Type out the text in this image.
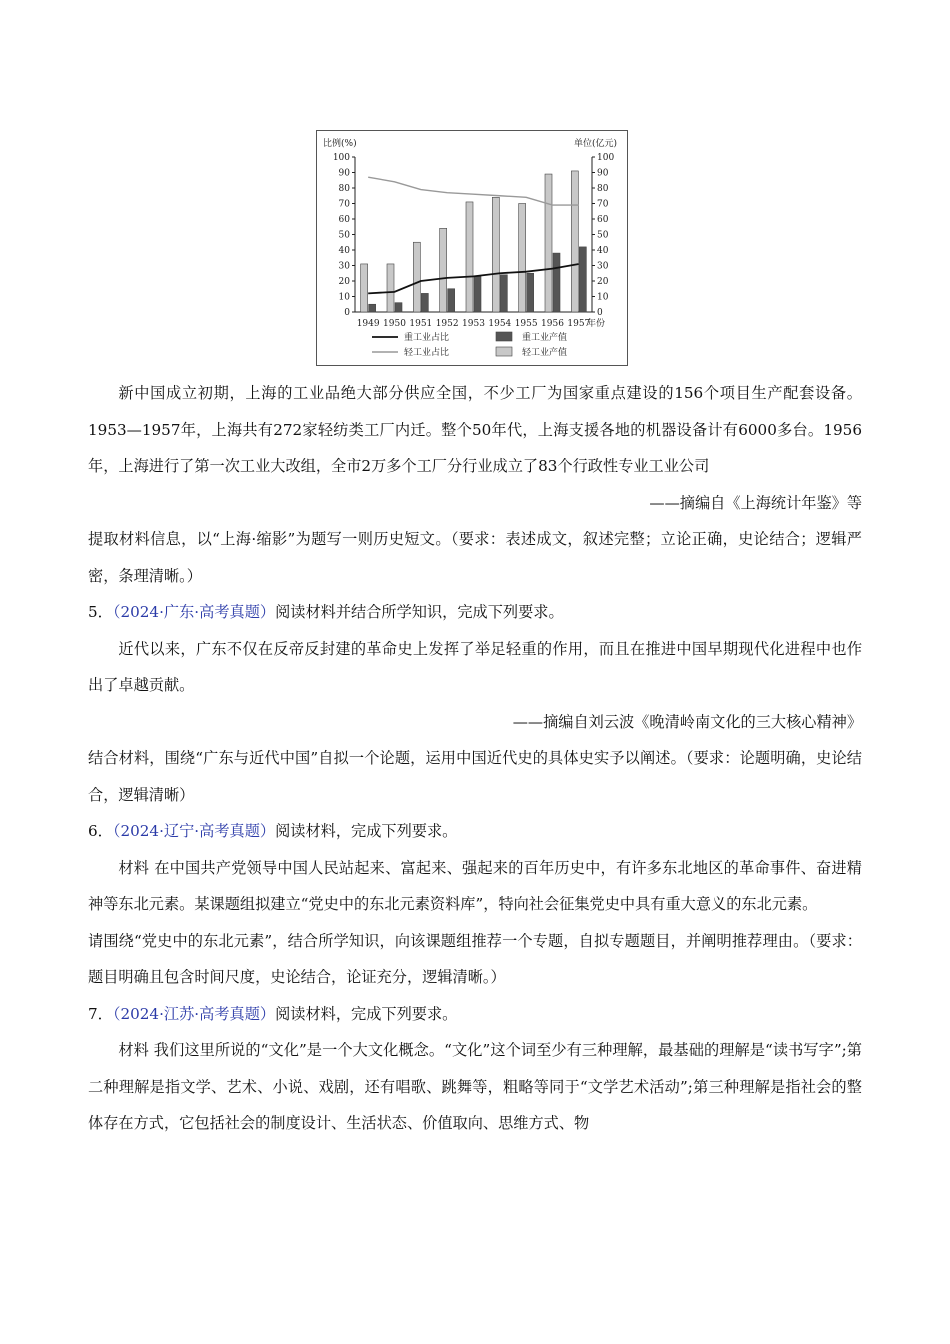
比例(%)	单位(亿元)
年份
100	100
90	90
80	80
70	70
60	60
50	50
40	40
30	30
20	20
10	10
0	0
1949 1950 1951 1952 1953 1954 1955 1956 1957
重工业占比	重工业产值
轻工业占比	轻工业产值

新中国成立初期，上海的工业品绝大部分供应全国，不少工厂为国家重点建设的156个项目生产配套设备。1953—1957年，上海共有272家轻纺类工厂内迁。整个50年代，上海支援各地的机器设备计有6000多台。1956年，上海进行了第一次工业大改组，全市2万多个工厂分行业成立了83个行政性专业工业公司

——摘编自《上海统计年鉴》等

提取材料信息，以“上海·缩影”为题写一则历史短文。（要求：表述成文，叙述完整；立论正确，史论结合；逻辑严密，条理清晰。）

5．（2024·广东·高考真题）阅读材料并结合所学知识，完成下列要求。

近代以来，广东不仅在反帝反封建的革命史上发挥了举足轻重的作用，而且在推进中国早期现代化进程中也作出了卓越贡献。

——摘编自刘云波《晚清岭南文化的三大核心精神》

结合材料，围绕“广东与近代中国”自拟一个论题，运用中国近代史的具体史实予以阐述。（要求：论题明确，史论结合，逻辑清晰）

6．（2024·辽宁·高考真题）阅读材料，完成下列要求。

材料 在中国共产党领导中国人民站起来、富起来、强起来的百年历史中，有许多东北地区的革命事件、奋进精神等东北元素。某课题组拟建立“党史中的东北元素资料库”，特向社会征集党史中具有重大意义的东北元素。

请围绕“党史中的东北元素”，结合所学知识，向该课题组推荐一个专题，自拟专题题目，并阐明推荐理由。（要求：题目明确且包含时间尺度，史论结合，论证充分，逻辑清晰。）

7．（2024·江苏·高考真题）阅读材料，完成下列要求。

材料 我们这里所说的“文化”是一个大文化概念。“文化”这个词至少有三种理解，最基础的理解是“读书写字”;第二种理解是指文学、艺术、小说、戏剧，还有唱歌、跳舞等，粗略等同于“文学艺术活动”;第三种理解是指社会的整体存在方式，它包括社会的制度设计、生活状态、价值取向、思维方式、物
